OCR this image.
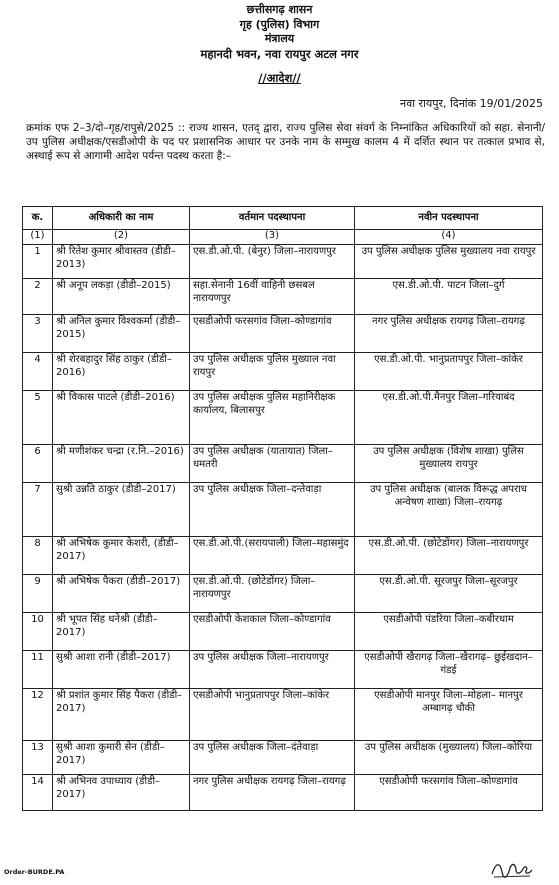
छत्तीसगढ़ शासन
गृह (पुलिस) विभाग
मंत्रालय
महानदी भवन, नवा रायपुर अटल नगर
//आदेश//
नवा रायपुर, दिनांक 19/01/2025
क्रमांक एफ 2–3/दो–गृह/रापुसे/2025 :: राज्य शासन, एतद् द्वारा, राज्य पुलिस सेवा संवर्ग के निम्नांकित अधिकारियों को सहा. सेनानी/उप पुलिस अधीक्षक/एसडीओपी के पद पर प्रशासनिक आधार पर उनके नाम के सम्मुख कालम 4 में दर्शित स्थान पर तत्काल प्रभाव से, अस्थाई रूप से आगामी आदेश पर्यन्त पदस्थ करता है:–
क.	अधिकारी का नाम	वर्तमान पदस्थापना	नवीन पदस्थापना
(1)	(2)	(3)	(4)
1	श्री रितेश कुमार श्रीवास्तव (डीडी–2013)	एस.डी.ओ.पी. (बेनुर) जिला–नारायणपुर	उप पुलिस अधीक्षक पुलिस मुख्यालय नवा रायपुर
2	श्री अनूप लकड़ा (डीडी–2015)	सहा.सेनानी 16वीं वाहिनी छसबल नारायणपुर	एस.डी.ओ.पी. पाटन जिला–दुर्ग
3	श्री अनिल कुमार विश्वकर्मा (डीडी–2015)	एसडीओपी फरसगांव जिला–कोण्डागांव	नगर पुलिस अधीक्षक रायगढ़ जिला–रायगढ़
4	श्री शेरबहादुर सिंह ठाकुर (डीडी–2016)	उप पुलिस अधीक्षक पुलिस मुख्याल नवा रायपुर	एस.डी.ओ.पी. भानुप्रतापपुर जिला–कांकेर
5	श्री विकास पाटले (डीडी–2016)	उप पुलिस अधीक्षक पुलिस महानिरीक्षक कार्यालय, बिलासपुर	एस.डी.ओ.पी.मैनपुर जिला–गरियाबंद
6	श्री मणीशंकर चन्द्रा (र.नि.–2016)	उप पुलिस अधीक्षक (यातायात) जिला–धमतरी	उप पुलिस अधीक्षक (विशेष शाखा) पुलिस मुख्यालय रायपुर
7	सुश्री उन्नति ठाकुर (डीडी–2017)	उप पुलिस अधीक्षक जिला–दन्तेवाड़ा	उप पुलिस अधीक्षक (बालक विरूद्ध अपराध अन्वेषण शाखा) जिला–रायगढ़
8	श्री अभिषेक कुमार केशरी, (डीडी–2017)	एस.डी.ओ.पी.(सरायपाली) जिला–महासमुंद	एस.डी.ओ.पी. (छोटेडोंगर) जिला–नारायणपुर
9	श्री अभिषेक पैकरा (डीडी–2017)	एस.डी.ओ.पी. (छोटेडोंगर) जिला–नारायणपुर	एस.डी.ओ.पी. सूरजपुर जिला–सूरजपुर
10	श्री भूपत सिंह धनेश्री (डीडी–2017)	एसडीओपी केशकाल जिला–कोण्डागांव	एसडीओपी पंडरिया जिला–कबीरधाम
11	सुश्री आशा रानी (डीडी–2017)	उप पुलिस अधीक्षक जिला–नारायणपुर	एसडीओपी खैरागढ़ जिला–खैरागढ़– छुईखदान–गंडई
12	श्री प्रशांत कुमार सिंह पैकरा (डीडी–2017)	एसडीओपी भानुप्रतापपुर जिला–कांकेर	एसडीओपी मानपुर जिला–मोहला– मानपुर अम्बागढ़ चौकी
13	सुश्री आशा कुमारी सेन (डीडी–2017)	उप पुलिस अधीक्षक जिला–दंतेवाड़ा	उप पुलिस अधीक्षक (मुख्यालय) जिला–कोरिया
14	श्री अभिनव उपाध्याय (डीडी–2017)	नगर पुलिस अधीक्षक रायगढ़ जिला–रायगढ़	एसडीओपी फरसगांव जिला–कोण्डागांव
Order-BURDE.PA
